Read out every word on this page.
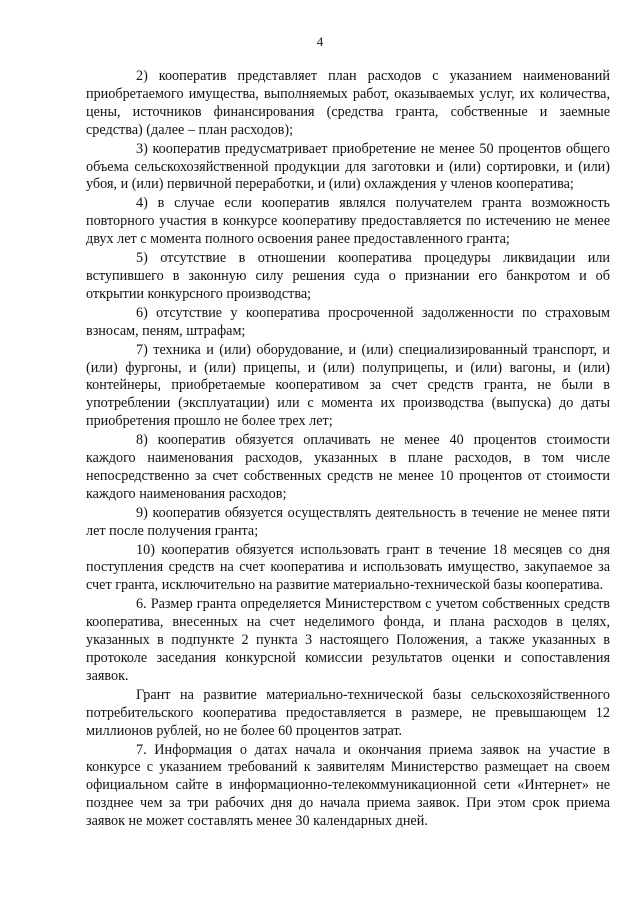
4

2) кооператив представляет план расходов с указанием наименований приобретаемого имущества, выполняемых работ, оказываемых услуг, их количества, цены, источников финансирования (средства гранта, собственные и заемные средства) (далее – план расходов);

3) кооператив предусматривает приобретение не менее 50 процентов общего объема сельскохозяйственной продукции для заготовки и (или) сортировки, и (или) убоя, и (или) первичной переработки, и (или) охлаждения у членов кооператива;

4) в случае если кооператив являлся получателем гранта возможность повторного участия в конкурсе кооперативу предоставляется по истечению не менее двух лет с момента полного освоения ранее предоставленного гранта;

5) отсутствие в отношении кооператива процедуры ликвидации или вступившего в законную силу решения суда о признании его банкротом и об открытии конкурсного производства;

6) отсутствие у кооператива просроченной задолженности по страховым взносам, пеням, штрафам;

7) техника и (или) оборудование, и (или) специализированный транспорт, и (или) фургоны, и (или) прицепы, и (или) полуприцепы, и (или) вагоны, и (или) контейнеры, приобретаемые кооперативом за счет средств гранта, не были в употреблении (эксплуатации) или с момента их производства (выпуска) до даты приобретения прошло не более трех лет;

8) кооператив обязуется оплачивать не менее 40 процентов стоимости каждого наименования расходов, указанных в плане расходов, в том числе непосредственно за счет собственных средств не менее 10 процентов от стоимости каждого наименования расходов;

9) кооператив обязуется осуществлять деятельность в течение не менее пяти лет после получения гранта;

10) кооператив обязуется использовать грант в течение 18 месяцев со дня поступления средств на счет кооператива и использовать имущество, закупаемое за счет гранта, исключительно на развитие материально-технической базы кооператива.

6. Размер гранта определяется Министерством с учетом собственных средств кооператива, внесенных на счет неделимого фонда, и плана расходов в целях, указанных в подпункте 2 пункта 3 настоящего Положения, а также указанных в протоколе заседания конкурсной комиссии результатов оценки и сопоставления заявок.

Грант на развитие материально-технической базы сельскохозяйственного потребительского кооператива предоставляется в размере, не превышающем 12 миллионов рублей, но не более 60 процентов затрат.

7. Информация о датах начала и окончания приема заявок на участие в конкурсе с указанием требований к заявителям Министерство размещает на своем официальном сайте в информационно-телекоммуникационной сети «Интернет» не позднее чем за три рабочих дня до начала приема заявок. При этом срок приема заявок не может составлять менее 30 календарных дней.
